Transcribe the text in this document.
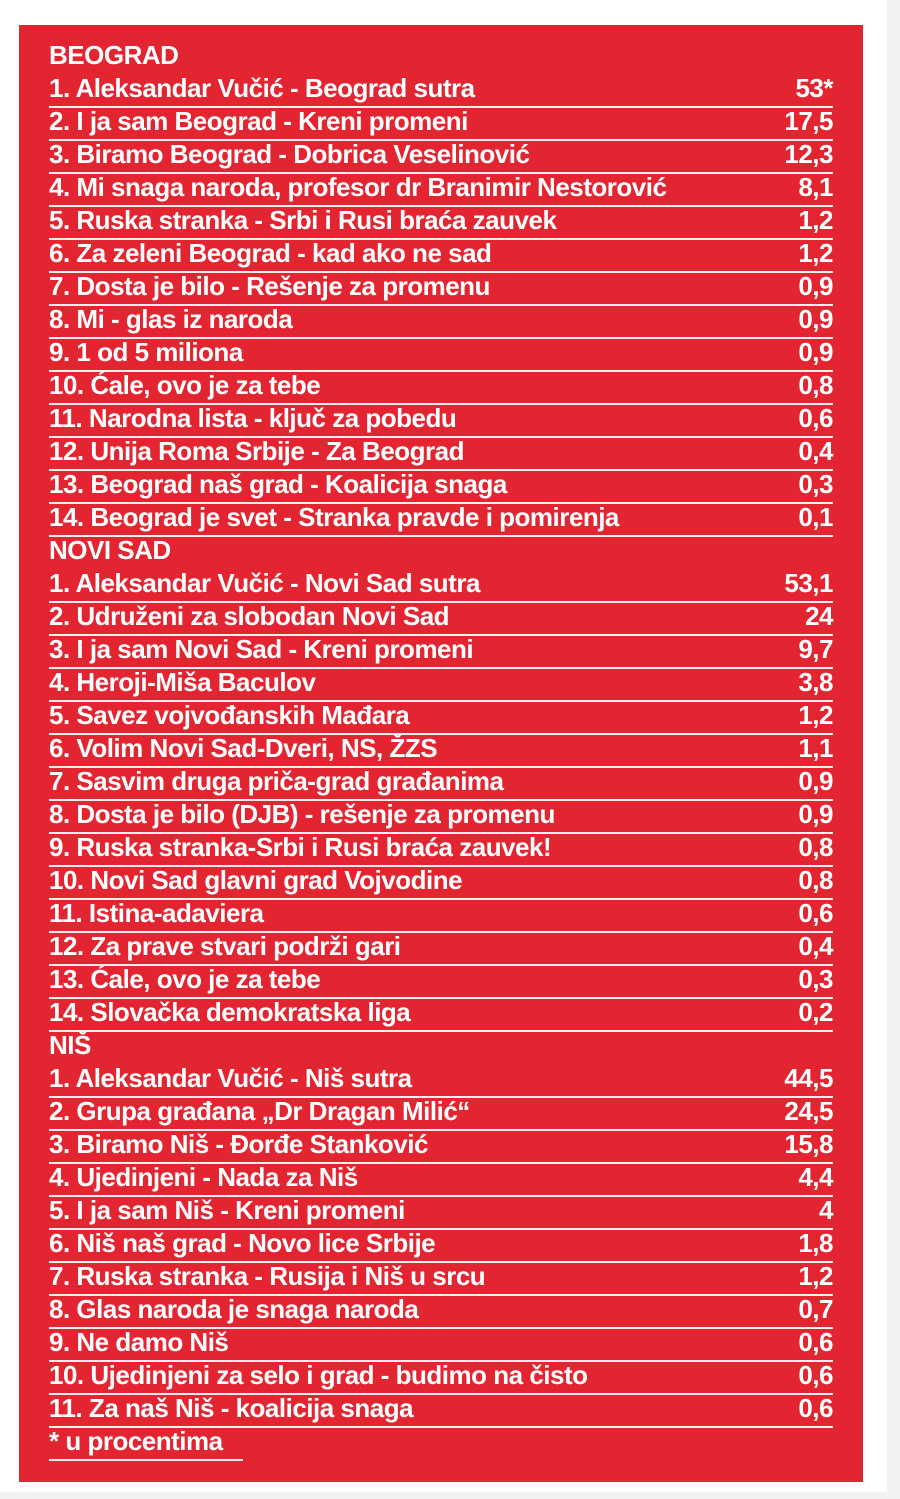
BEOGRAD
1. Aleksandar Vučić - Beograd sutra	53*
2. I ja sam Beograd - Kreni promeni	17,5
3. Biramo Beograd - Dobrica Veselinović	12,3
4. Mi snaga naroda, profesor dr Branimir Nestorović	8,1
5. Ruska stranka - Srbi i Rusi braća zauvek	1,2
6. Za zeleni Beograd - kad ako ne sad	1,2
7. Dosta je bilo - Rešenje za promenu	0,9
8. Mi - glas iz naroda	0,9
9. 1 od 5 miliona	0,9
10. Ćale, ovo je za tebe	0,8
11. Narodna lista - ključ za pobedu	0,6
12. Unija Roma Srbije - Za Beograd	0,4
13. Beograd naš grad - Koalicija snaga	0,3
14. Beograd je svet - Stranka pravde i pomirenja	0,1
NOVI SAD
1. Aleksandar Vučić - Novi Sad sutra	53,1
2. Udruženi za slobodan Novi Sad	24
3. I ja sam Novi Sad - Kreni promeni	9,7
4. Heroji-Miša Baculov	3,8
5. Savez vojvođanskih Mađara	1,2
6. Volim Novi Sad-Dveri, NS, ŽZS	1,1
7. Sasvim druga priča-grad građanima	0,9
8. Dosta je bilo (DJB) - rešenje za promenu	0,9
9. Ruska stranka-Srbi i Rusi braća zauvek!	0,8
10. Novi Sad glavni grad Vojvodine	0,8
11. Istina-adaviera	0,6
12. Za prave stvari podrži gari	0,4
13. Ćale, ovo je za tebe	0,3
14. Slovačka demokratska liga	0,2
NIŠ
1. Aleksandar Vučić - Niš sutra	44,5
2. Grupa građana „Dr Dragan Milić“	24,5
3. Biramo Niš - Đorđe Stanković	15,8
4. Ujedinjeni - Nada za Niš	4,4
5. I ja sam Niš - Kreni promeni	4
6. Niš naš grad - Novo lice Srbije	1,8
7. Ruska stranka - Rusija i Niš u srcu	1,2
8. Glas naroda je snaga naroda	0,7
9. Ne damo Niš	0,6
10. Ujedinjeni za selo i grad - budimo na čisto	0,6
11. Za naš Niš - koalicija snaga	0,6
* u procentima
